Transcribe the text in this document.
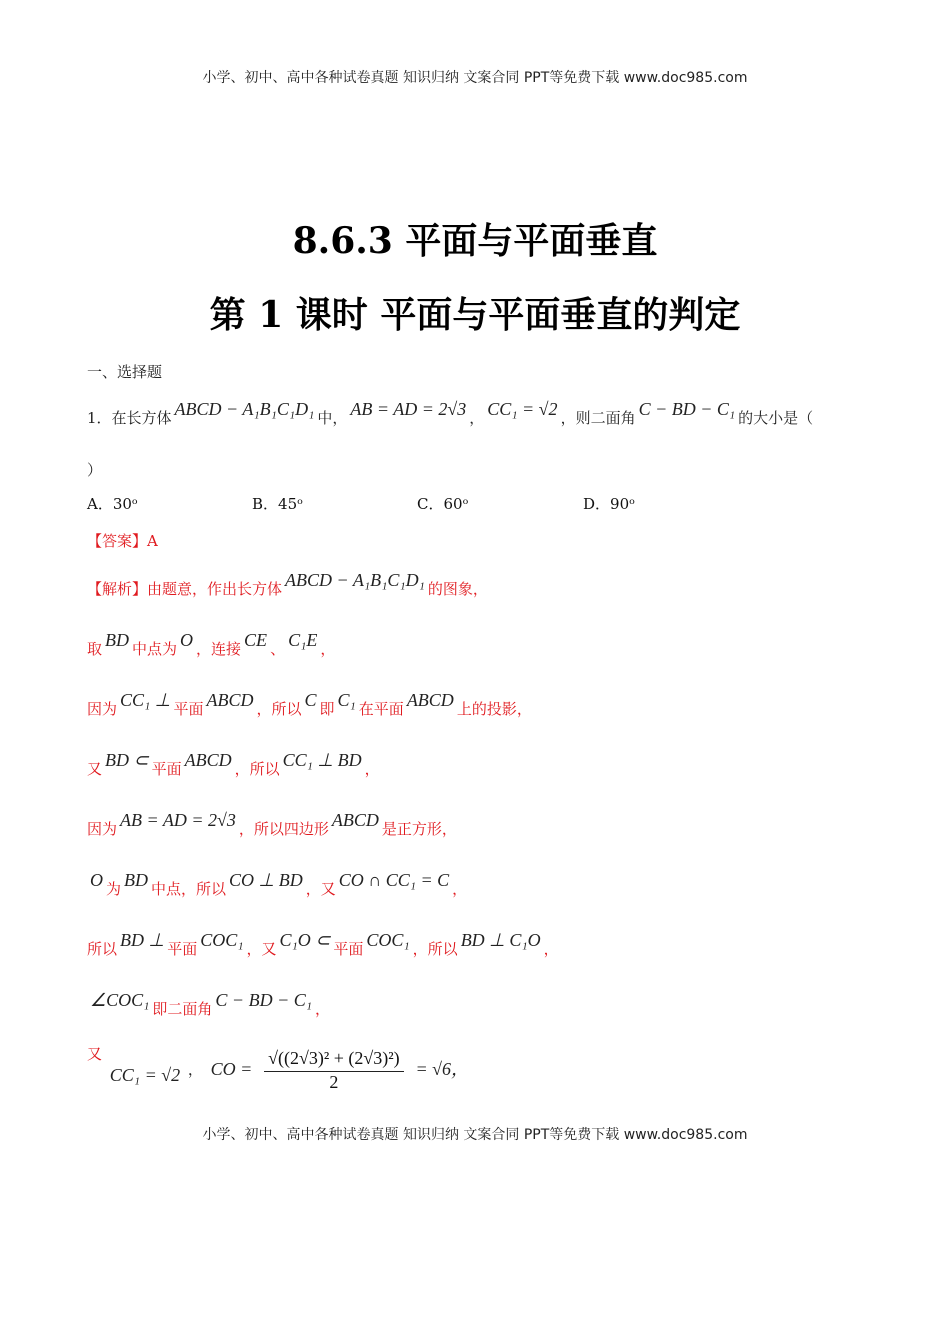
小学、初中、高中各种试卷真题 知识归纳 文案合同 PPT等免费下载 www.doc985.com
8.6.3 平面与平面垂直
第 1 课时 平面与平面垂直的判定
一、选择题
1．在长方体 ABCD − A₁B₁C₁D₁ 中， AB = AD = 2√3 ， CC₁ = √2 ，则二面角 C − BD − C₁ 的大小是（
）
A．30ᵒ	B．45ᵒ	C．60ᵒ	D．90ᵒ
【答案】A
【解析】由题意，作出长方体 ABCD − A₁B₁C₁D₁ 的图象，
取 BD 中点为 O ，连接 CE 、 C₁E ，
因为 CC₁ ⊥ 平面 ABCD ，所以 C 即 C₁ 在平面 ABCD 上的投影，
又 BD ⊂ 平面 ABCD ，所以 CC₁ ⊥ BD ，
因为 AB = AD = 2√3 ，所以四边形 ABCD 是正方形，
O 为 BD 中点，所以 CO ⊥ BD ，又 CO ∩ CC₁ = C ，
所以 BD ⊥ 平面 COC₁ ，又 C₁O ⊂ 平面 COC₁ ，所以 BD ⊥ C₁O ，
∠COC₁ 即二面角 C − BD − C₁ ，
又 CC₁ = √2 ， CO = $\frac{\text{√((2√3)² + (2√3)²)}}{2} = √6$，
小学、初中、高中各种试卷真题 知识归纳 文案合同 PPT等免费下载 www.doc985.com
